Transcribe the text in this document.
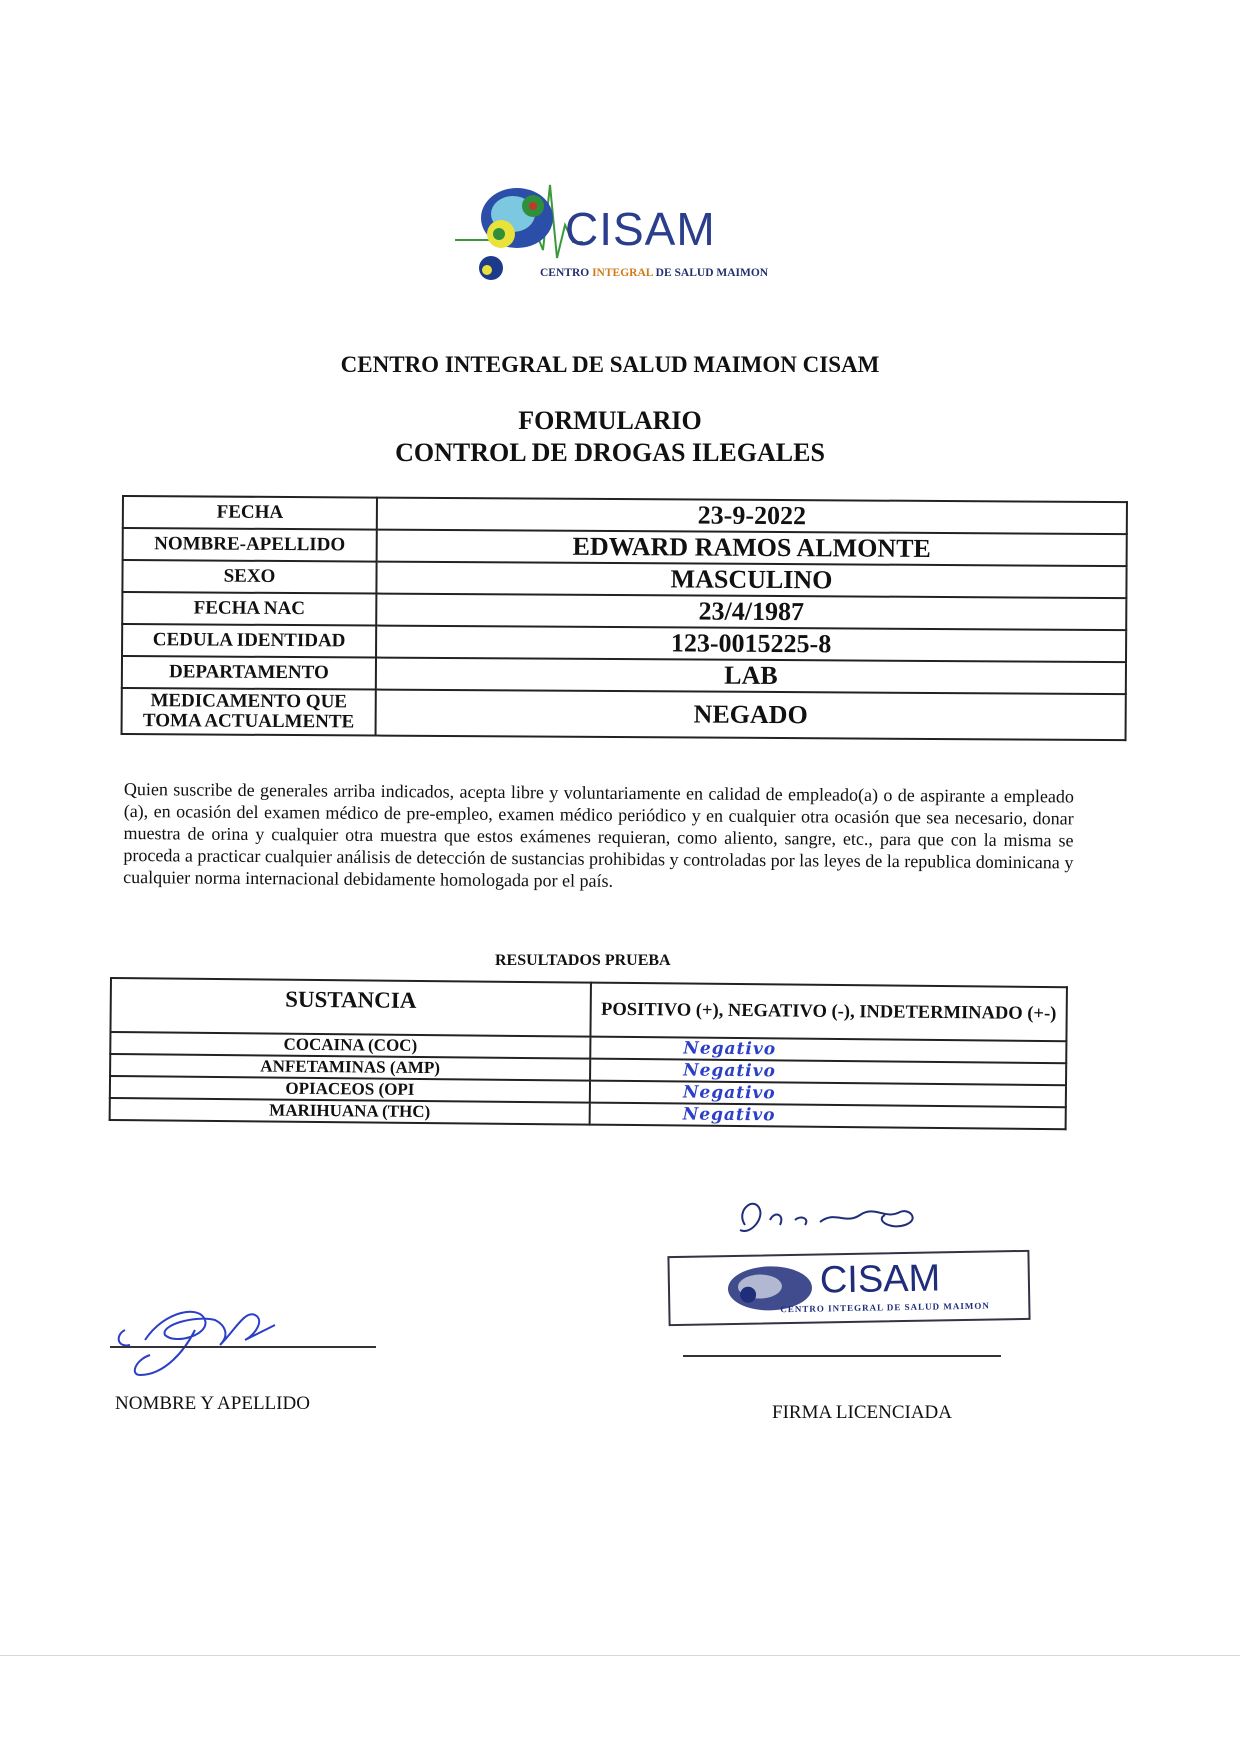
CISAM
CENTRO INTEGRAL DE SALUD MAIMON
CENTRO INTEGRAL DE SALUD MAIMON CISAM
FORMULARIO
CONTROL DE DROGAS ILEGALES
FECHA	23-9-2022
NOMBRE-APELLIDO	EDWARD RAMOS ALMONTE
SEXO	MASCULINO
FECHA NAC	23/4/1987
CEDULA IDENTIDAD	123-0015225-8
DEPARTAMENTO	LAB
MEDICAMENTO QUE TOMA ACTUALMENTE	NEGADO
Quien suscribe de generales arriba indicados, acepta libre y voluntariamente en calidad de empleado(a) o de aspirante a empleado (a), en ocasión del examen médico de pre-empleo, examen médico periódico y en cualquier otra ocasión que sea necesario, donar muestra de orina y cualquier otra muestra que estos exámenes requieran, como aliento, sangre, etc., para que con la misma se proceda a practicar cualquier análisis de detección de sustancias prohibidas y controladas por las leyes de la republica dominicana y cualquier norma internacional debidamente homologada por el país.
RESULTADOS PRUEBA
SUSTANCIA	POSITIVO (+), NEGATIVO (-), INDETERMINADO (+-)
COCAINA (COC)	Negativo
ANFETAMINAS (AMP)	Negativo
OPIACEOS (OPI	Negativo
MARIHUANA (THC)	Negativo
NOMBRE Y APELLIDO
CISAM
CENTRO INTEGRAL DE SALUD MAIMON
FIRMA LICENCIADA
